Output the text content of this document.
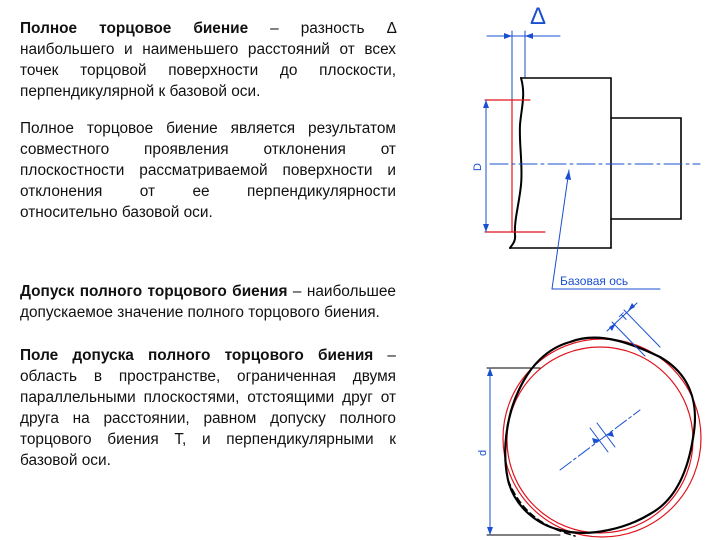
Полное торцовое биение – разность Δ наибольшего и наименьшего расстояний от всех точек торцовой поверхности до плоскости, перпендикулярной к базовой оси.

Полное торцовое биение является результатом совместного проявления отклонения от плоскостности рассматриваемой поверхности и отклонения от ее перпендикулярности относительно базовой оси.

Допуск полного торцового биения – наибольшее допускаемое значение полного торцового биения.

Поле допуска полного торцового биения – область в пространстве, ограниченная двумя параллельными плоскостями, отстоящими друг от друга на расстоянии, равном допуску полного торцового биения Т, и перпендикулярными к базовой оси.

Δ
D
Базовая ось
d
T
